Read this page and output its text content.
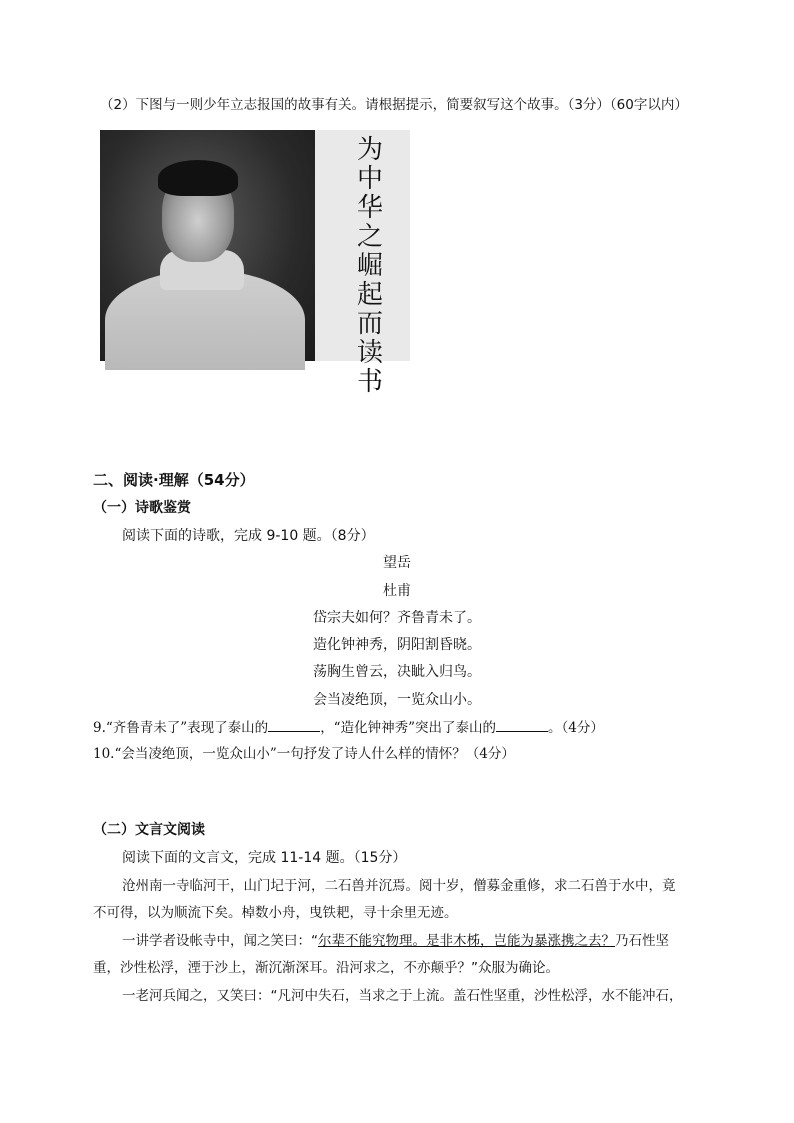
（2）下图与一则少年立志报国的故事有关。请根据提示，简要叙写这个故事。（3分）（60字以内）
为
中
华
之
崛
起
而
读
书
二、阅读·理解（54分）
（一）诗歌鉴赏
阅读下面的诗歌，完成 9-10 题。（8分）
望岳
杜甫
岱宗夫如何？齐鲁青未了。
造化钟神秀，阴阳割昏晓。
荡胸生曾云，决眦入归鸟。
会当凌绝顶，一览众山小。
9.“齐鲁青未了”表现了泰山的	，“造化钟神秀”突出了泰山的	。（4分）
10.“会当凌绝顶，一览众山小”一句抒发了诗人什么样的情怀？（4分）
（二）文言文阅读
阅读下面的文言文，完成 11-14 题。（15分）
沧州南一寺临河干，山门圮于河，二石兽并沉焉。阅十岁，僧募金重修，求二石兽于水中，竟
不可得，以为顺流下矣。棹数小舟，曳铁耙，寻十余里无迹。
一讲学者设帐寺中，闻之笑曰：“尔辈不能究物理。是非木柹，岂能为暴涨携之去？乃石性坚
重，沙性松浮，湮于沙上，渐沉渐深耳。沿河求之，不亦颠乎？”众服为确论。
一老河兵闻之，又笑曰：“凡河中失石，当求之于上流。盖石性坚重，沙性松浮，水不能冲石，
